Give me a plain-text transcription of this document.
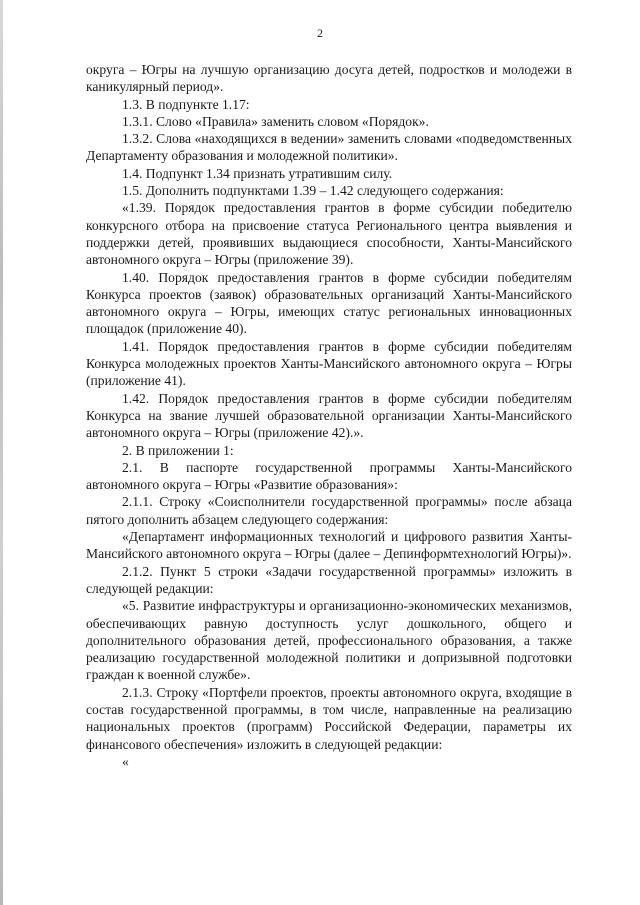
2

округа – Югры на лучшую организацию досуга детей, подростков и молодежи в каникулярный период».

1.3. В подпункте 1.17:

1.3.1. Слово «Правила» заменить словом «Порядок».

1.3.2. Слова «находящихся в ведении» заменить словами «подведомственных Департаменту образования и молодежной политики».

1.4. Подпункт 1.34 признать утратившим силу.

1.5. Дополнить подпунктами 1.39 – 1.42 следующего содержания:

«1.39. Порядок предоставления грантов в форме субсидии победителю конкурсного отбора на присвоение статуса Регионального центра выявления и поддержки детей, проявивших выдающиеся способности, Ханты-Мансийского автономного округа – Югры (приложение 39).

1.40. Порядок предоставления грантов в форме субсидии победителям Конкурса проектов (заявок) образовательных организаций Ханты-Мансийского автономного округа – Югры, имеющих статус региональных инновационных площадок (приложение 40).

1.41. Порядок предоставления грантов в форме субсидии победителям Конкурса молодежных проектов Ханты-Мансийского автономного округа – Югры (приложение 41).

1.42. Порядок предоставления грантов в форме субсидии победителям Конкурса на звание лучшей образовательной организации Ханты-Мансийского автономного округа – Югры (приложение 42).».

2. В приложении 1:

2.1. В паспорте государственной программы Ханты-Мансийского автономного округа – Югры «Развитие образования»:

2.1.1. Строку «Соисполнители государственной программы» после абзаца пятого дополнить абзацем следующего содержания:

«Департамент информационных технологий и цифрового развития Ханты-Мансийского автономного округа – Югры (далее – Депинформтехнологий Югры)».

2.1.2. Пункт 5 строки «Задачи государственной программы» изложить в следующей редакции:

«5. Развитие инфраструктуры и организационно-экономических механизмов, обеспечивающих равную доступность услуг дошкольного, общего и дополнительного образования детей, профессионального образования, а также реализацию государственной молодежной политики и допризывной подготовки граждан к военной службе».

2.1.3. Строку «Портфели проектов, проекты автономного округа, входящие в состав государственной программы, в том числе, направленные на реализацию национальных проектов (программ) Российской Федерации, параметры их финансового обеспечения» изложить в следующей редакции:

«
